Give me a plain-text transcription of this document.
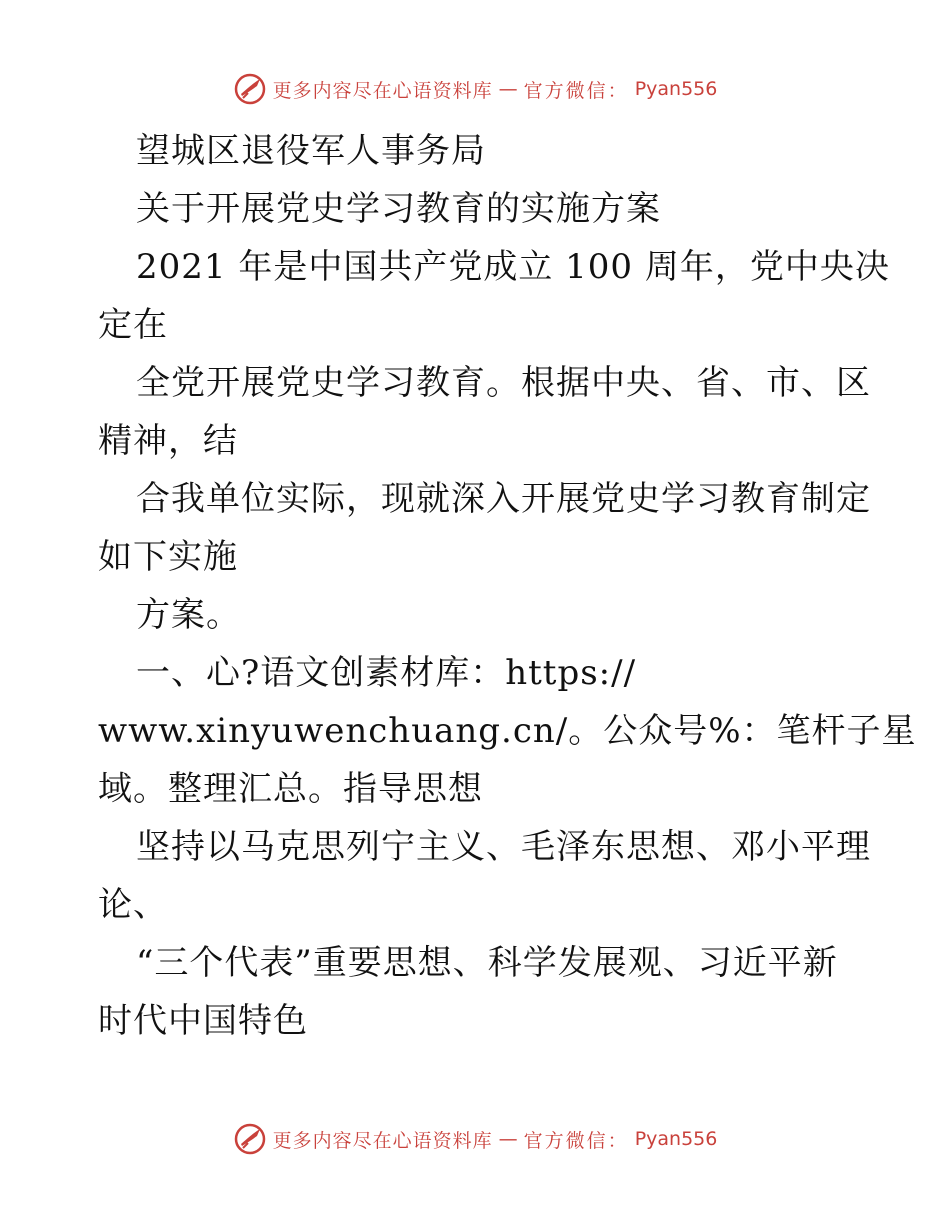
更多内容尽在心语资料库 — 官方微信： Pyan556
望城区退役军人事务局
关于开展党史学习教育的实施方案
2021 年是中国共产党成立 100 周年，党中央决
定在
全党开展党史学习教育。根据中央、省、市、区
精神，结
合我单位实际，现就深入开展党史学习教育制定
如下实施
方案。
一、心?语文创素材库：https://
www.xinyuwenchuang.cn/。公众号%：笔杆子星
域。整理汇总。指导思想
坚持以马克思列宁主义、毛泽东思想、邓小平理
论、
“三个代表”重要思想、科学发展观、习近平新
时代中国特色
更多内容尽在心语资料库 — 官方微信： Pyan556
